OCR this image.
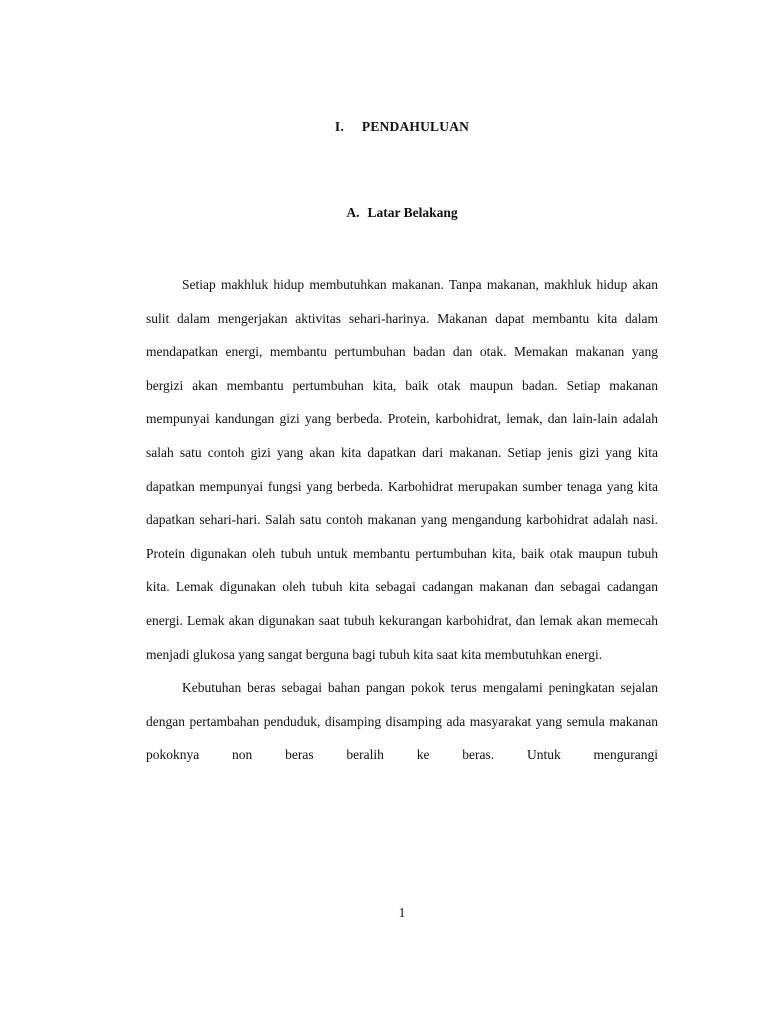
I. PENDAHULUAN
A. Latar Belakang

Setiap makhluk hidup membutuhkan makanan. Tanpa makanan, makhluk hidup akan sulit dalam mengerjakan aktivitas sehari-harinya. Makanan dapat membantu kita dalam mendapatkan energi, membantu pertumbuhan badan dan otak. Memakan makanan yang bergizi akan membantu pertumbuhan kita, baik otak maupun badan. Setiap makanan mempunyai kandungan gizi yang berbeda. Protein, karbohidrat, lemak, dan lain-lain adalah salah satu contoh gizi yang akan kita dapatkan dari makanan. Setiap jenis gizi yang kita dapatkan mempunyai fungsi yang berbeda. Karbohidrat merupakan sumber tenaga yang kita dapatkan sehari-hari. Salah satu contoh makanan yang mengandung karbohidrat adalah nasi. Protein digunakan oleh tubuh untuk membantu pertumbuhan kita, baik otak maupun tubuh kita. Lemak digunakan oleh tubuh kita sebagai cadangan makanan dan sebagai cadangan energi. Lemak akan digunakan saat tubuh kekurangan karbohidrat, dan lemak akan memecah menjadi glukosa yang sangat berguna bagi tubuh kita saat kita membutuhkan energi.

Kebutuhan beras sebagai bahan pangan pokok terus mengalami peningkatan sejalan dengan pertambahan penduduk, disamping disamping ada masyarakat yang semula makanan pokoknya non beras beralih ke beras. Untuk mengurangi

1
